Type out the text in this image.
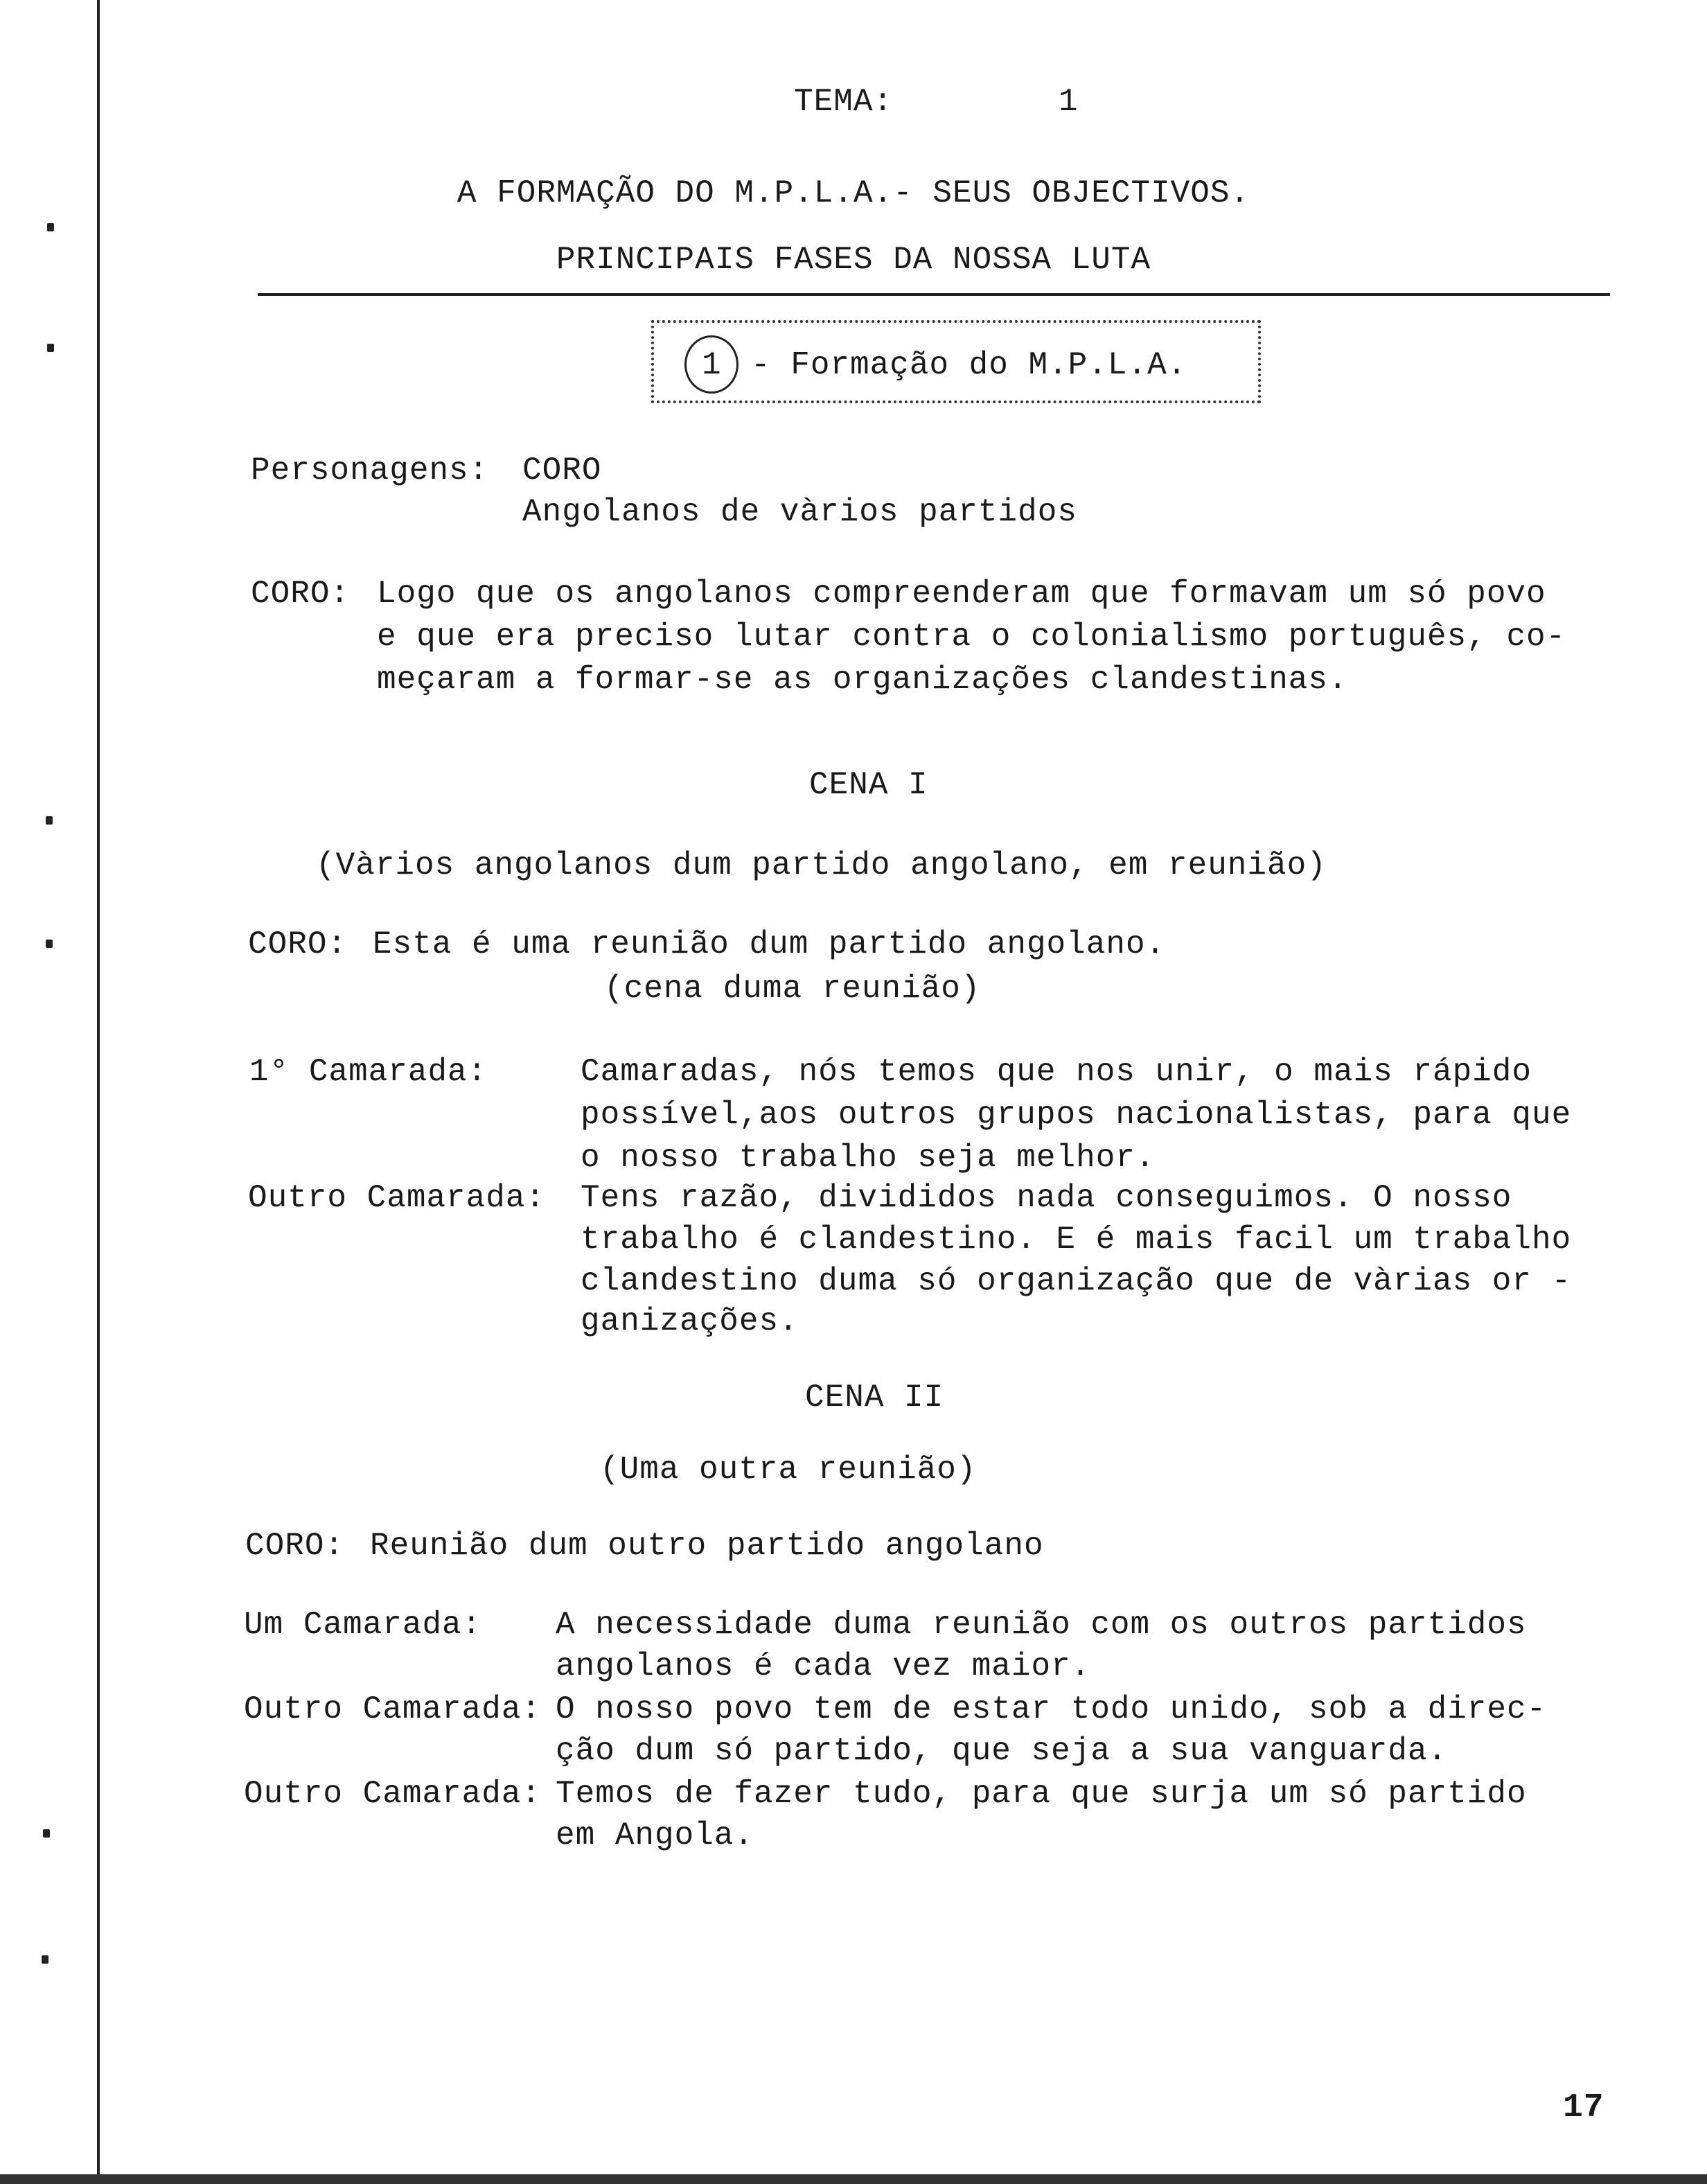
TEMA:	1
A FORMAÇÃO DO M.P.L.A.- SEUS OBJECTIVOS.
PRINCIPAIS FASES DA NOSSA LUTA
1 - Formação do M.P.L.A.
Personagens: CORO
Angolanos de vàrios partidos
CORO: Logo que os angolanos compreenderam que formavam um só povo
e que era preciso lutar contra o colonialismo português, co-
meçaram a formar-se as organizações clandestinas.
CENA I
(Vàrios angolanos dum partido angolano, em reunião)
CORO: Esta é uma reunião dum partido angolano.
(cena duma reunião)
1° Camarada:	Camaradas, nós temos que nos unir, o mais rápido
possível,aos outros grupos nacionalistas, para que
o nosso trabalho seja melhor.
Outro Camarada: Tens razão, divididos nada conseguimos. O nosso
trabalho é clandestino. E é mais facil um trabalho
clandestino duma só organização que de vàrias or -
ganizações.
CENA II
(Uma outra reunião)
CORO: Reunião dum outro partido angolano
Um Camarada: A necessidade duma reunião com os outros partidos
angolanos é cada vez maior.
Outro Camarada: O nosso povo tem de estar todo unido, sob a direc-
ção dum só partido, que seja a sua vanguarda.
Outro Camarada: Temos de fazer tudo, para que surja um só partido
em Angola.
17
